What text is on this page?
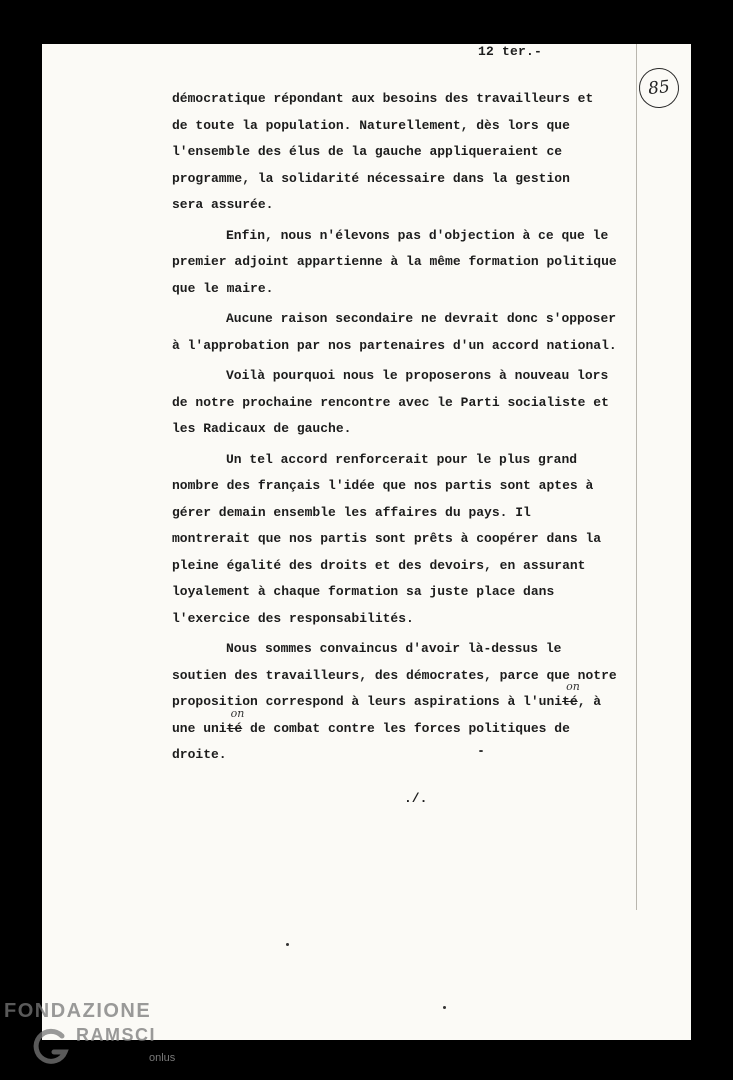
12 ter.-
85
démocratique répondant aux besoins des travailleurs et
de toute la population. Naturellement, dès lors que
l'ensemble des élus de la gauche appliqueraient ce
programme, la solidarité nécessaire dans la gestion
sera assurée.
Enfin, nous n'élevons pas d'objection à ce que le
premier adjoint appartienne à la même formation politique
que le maire.
Aucune raison secondaire ne devrait donc s'opposer
à l'approbation par nos partenaires d'un accord national.
Voilà pourquoi nous le proposerons à nouveau lors
de notre prochaine rencontre avec le Parti socialiste et
les Radicaux de gauche.
Un tel accord renforcerait pour le plus grand
nombre des français l'idée que nos partis sont aptes à
gérer demain ensemble les affaires du pays. Il
montrerait que nos partis sont prêts à coopérer dans la
pleine égalité des droits et des devoirs, en assurant
loyalement à chaque formation sa juste place dans
l'exercice des responsabilités.
Nous sommes convaincus d'avoir là-dessus le
soutien des travailleurs, des démocrates, parce que notre
proposition correspond à leurs aspirations à l'unité
on
, à
une unité
on
de combat contre les forces politiques de
droite.
./.
FONDAZIONE
RAMSCI
onlus
